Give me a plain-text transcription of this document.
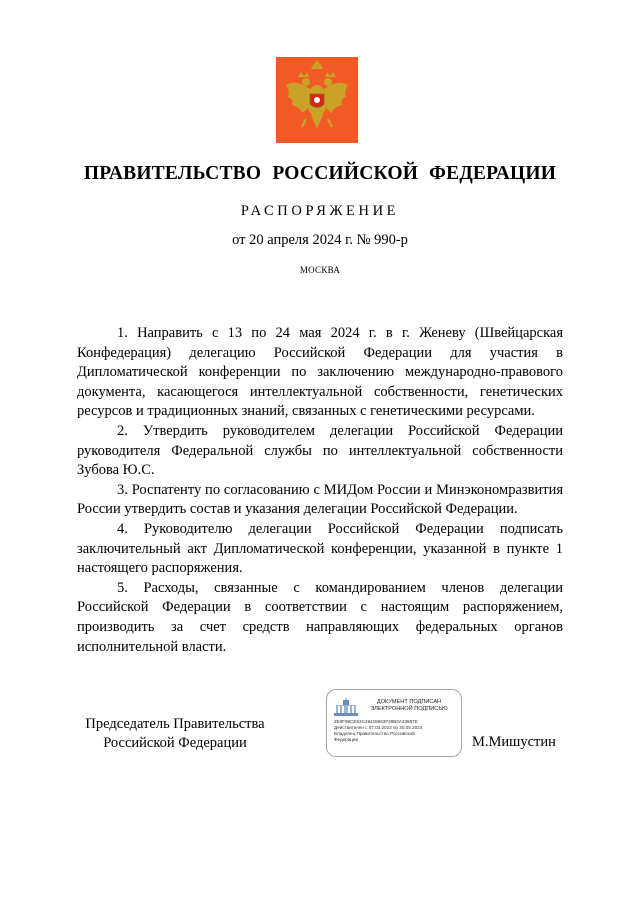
ПРАВИТЕЛЬСТВО РОССИЙСКОЙ ФЕДЕРАЦИИ
РАСПОРЯЖЕНИЕ
от 20 апреля 2024 г. № 990-р
МОСКВА

1. Направить с 13 по 24 мая 2024 г. в г. Женеву (Швейцарская Конфедерация) делегацию Российской Федерации для участия в Дипломатической конференции по заключению международно-правового документа, касающегося интеллектуальной собственности, генетических ресурсов и традиционных знаний, связанных с генетическими ресурсами.

2. Утвердить руководителем делегации Российской Федерации руководителя Федеральной службы по интеллектуальной собственности Зубова Ю.С.

3. Роспатенту по согласованию с МИДом России и Минэкономразвития России утвердить состав и указания делегации Российской Федерации.

4. Руководителю делегации Российской Федерации подписать заключительный акт Дипломатической конференции, указанной в пункте 1 настоящего распоряжения.

5. Расходы, связанные с командированием членов делегации Российской Федерации в соответствии с настоящим распоряжением, производить за счет средств направляющих федеральных органов исполнительной власти.

Председатель Правительства
Российской Федерации
ДОКУМЕНТ ПОДПИСАН
ЭЛЕКТРОННОЙ ПОДПИСЬЮ
2E6F99CE53C49428663F38B0A33887E
Действителен с 07.03.2023 по 30.05.2024
Владелец Правительство Российской
Федерации	М.Мишустин
